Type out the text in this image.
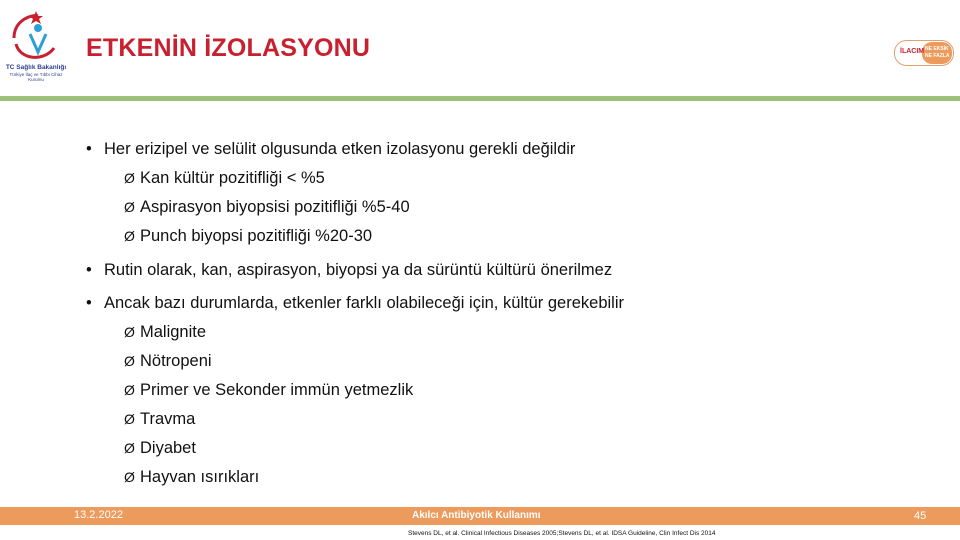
TC Sağlık Bakanlığı
Türkiye İlaç ve Tıbbi Cihaz Kurumu
ETKENİN İZOLASYONU	İLACIM NE EKSİK
NE FAZLA
• Her erizipel ve selülit olgusunda etken izolasyonu gerekli değildir
Ø Kan kültür pozitifliği < %5
Ø Aspirasyon biyopsisi pozitifliği %5-40
Ø Punch biyopsi pozitifliği %20-30
• Rutin olarak, kan, aspirasyon, biyopsi ya da sürüntü kültürü önerilmez
• Ancak bazı durumlarda, etkenler farklı olabileceği için, kültür gerekebilir
Ø Malignite
Ø Nötropeni
Ø Primer ve Sekonder immün yetmezlik
Ø Travma
Ø Diyabet
Ø Hayvan ısırıkları
13.2.2022	Akılcı Antibiyotik Kullanımı	45
Stevens DL, et al. Clinical Infectious Diseases 2005;Stevens DL, et al. IDSA Guideline, Clin Infect Dis 2014
